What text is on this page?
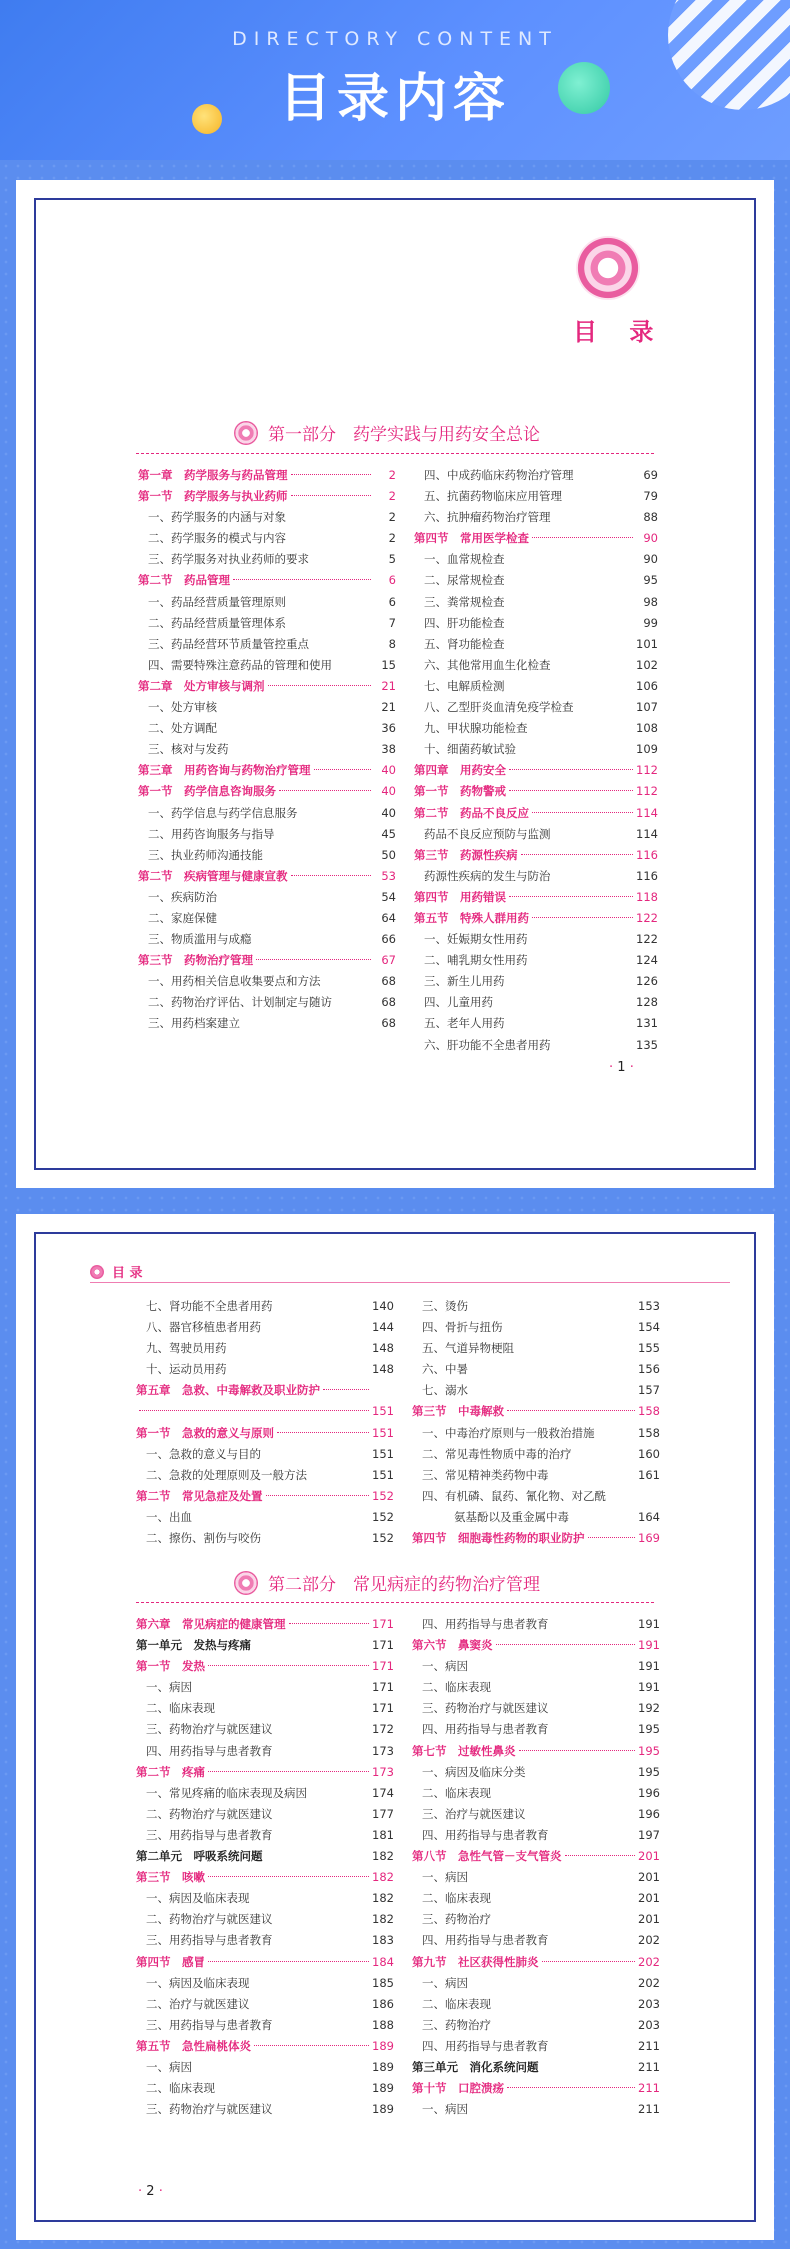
DIRECTORY CONTENT
目录内容
目 录
第一部分　药学实践与用药安全总论
第一章　药学服务与药品管理	2
第一节　药学服务与执业药师	2
一、药学服务的内涵与对象	2
二、药学服务的模式与内容	2
三、药学服务对执业药师的要求	5
第二节　药品管理	6
一、药品经营质量管理原则	6
二、药品经营质量管理体系	7
三、药品经营环节质量管控重点	8
四、需要特殊注意药品的管理和使用	15
第二章　处方审核与调剂	21
一、处方审核	21
二、处方调配	36
三、核对与发药	38
第三章　用药咨询与药物治疗管理	40
第一节　药学信息咨询服务	40
一、药学信息与药学信息服务	40
二、用药咨询服务与指导	45
三、执业药师沟通技能	50
第二节　疾病管理与健康宣教	53
一、疾病防治	54
二、家庭保健	64
三、物质滥用与成瘾	66
第三节　药物治疗管理	67
一、用药相关信息收集要点和方法	68
二、药物治疗评估、计划制定与随访	68
三、用药档案建立	68
四、中成药临床药物治疗管理	69
五、抗菌药物临床应用管理	79
六、抗肿瘤药物治疗管理	88
第四节　常用医学检查	90
一、血常规检查	90
二、尿常规检查	95
三、粪常规检查	98
四、肝功能检查	99
五、肾功能检查	101
六、其他常用血生化检查	102
七、电解质检测	106
八、乙型肝炎血清免疫学检查	107
九、甲状腺功能检查	108
十、细菌药敏试验	109
第四章　用药安全	112
第一节　药物警戒	112
第二节　药品不良反应	114
药品不良反应预防与监测	114
第三节　药源性疾病	116
药源性疾病的发生与防治	116
第四节　用药错误	118
第五节　特殊人群用药	122
一、妊娠期女性用药	122
二、哺乳期女性用药	124
三、新生儿用药	126
四、儿童用药	128
五、老年人用药	131
六、肝功能不全患者用药	135
· 1 ·
目 录
七、肾功能不全患者用药	140
八、器官移植患者用药	144
九、驾驶员用药	148
十、运动员用药	148
第五章　急救、中毒解救及职业防护
151
第一节　急救的意义与原则	151
一、急救的意义与目的	151
二、急救的处理原则及一般方法	151
第二节　常见急症及处置	152
一、出血	152
二、擦伤、割伤与咬伤	152
三、烫伤	153
四、骨折与扭伤	154
五、气道异物梗阻	155
六、中暑	156
七、溺水	157
第三节　中毒解救	158
一、中毒治疗原则与一般救治措施	158
二、常见毒性物质中毒的治疗	160
三、常见精神类药物中毒	161
四、有机磷、鼠药、氰化物、对乙酰
氨基酚以及重金属中毒	164
第四节　细胞毒性药物的职业防护	169
第二部分　常见病症的药物治疗管理
第六章　常见病症的健康管理	171
第一单元　发热与疼痛	171
第一节　发热	171
一、病因	171
二、临床表现	171
三、药物治疗与就医建议	172
四、用药指导与患者教育	173
第二节　疼痛	173
一、常见疼痛的临床表现及病因	174
二、药物治疗与就医建议	177
三、用药指导与患者教育	181
第二单元　呼吸系统问题	182
第三节　咳嗽	182
一、病因及临床表现	182
二、药物治疗与就医建议	182
三、用药指导与患者教育	183
第四节　感冒	184
一、病因及临床表现	185
二、治疗与就医建议	186
三、用药指导与患者教育	188
第五节　急性扁桃体炎	189
一、病因	189
二、临床表现	189
三、药物治疗与就医建议	189
四、用药指导与患者教育	191
第六节　鼻窦炎	191
一、病因	191
二、临床表现	191
三、药物治疗与就医建议	192
四、用药指导与患者教育	195
第七节　过敏性鼻炎	195
一、病因及临床分类	195
二、临床表现	196
三、治疗与就医建议	196
四、用药指导与患者教育	197
第八节　急性气管－支气管炎	201
一、病因	201
二、临床表现	201
三、药物治疗	201
四、用药指导与患者教育	202
第九节　社区获得性肺炎	202
一、病因	202
二、临床表现	203
三、药物治疗	203
四、用药指导与患者教育	211
第三单元　消化系统问题	211
第十节　口腔溃疡	211
一、病因	211
· 2 ·
